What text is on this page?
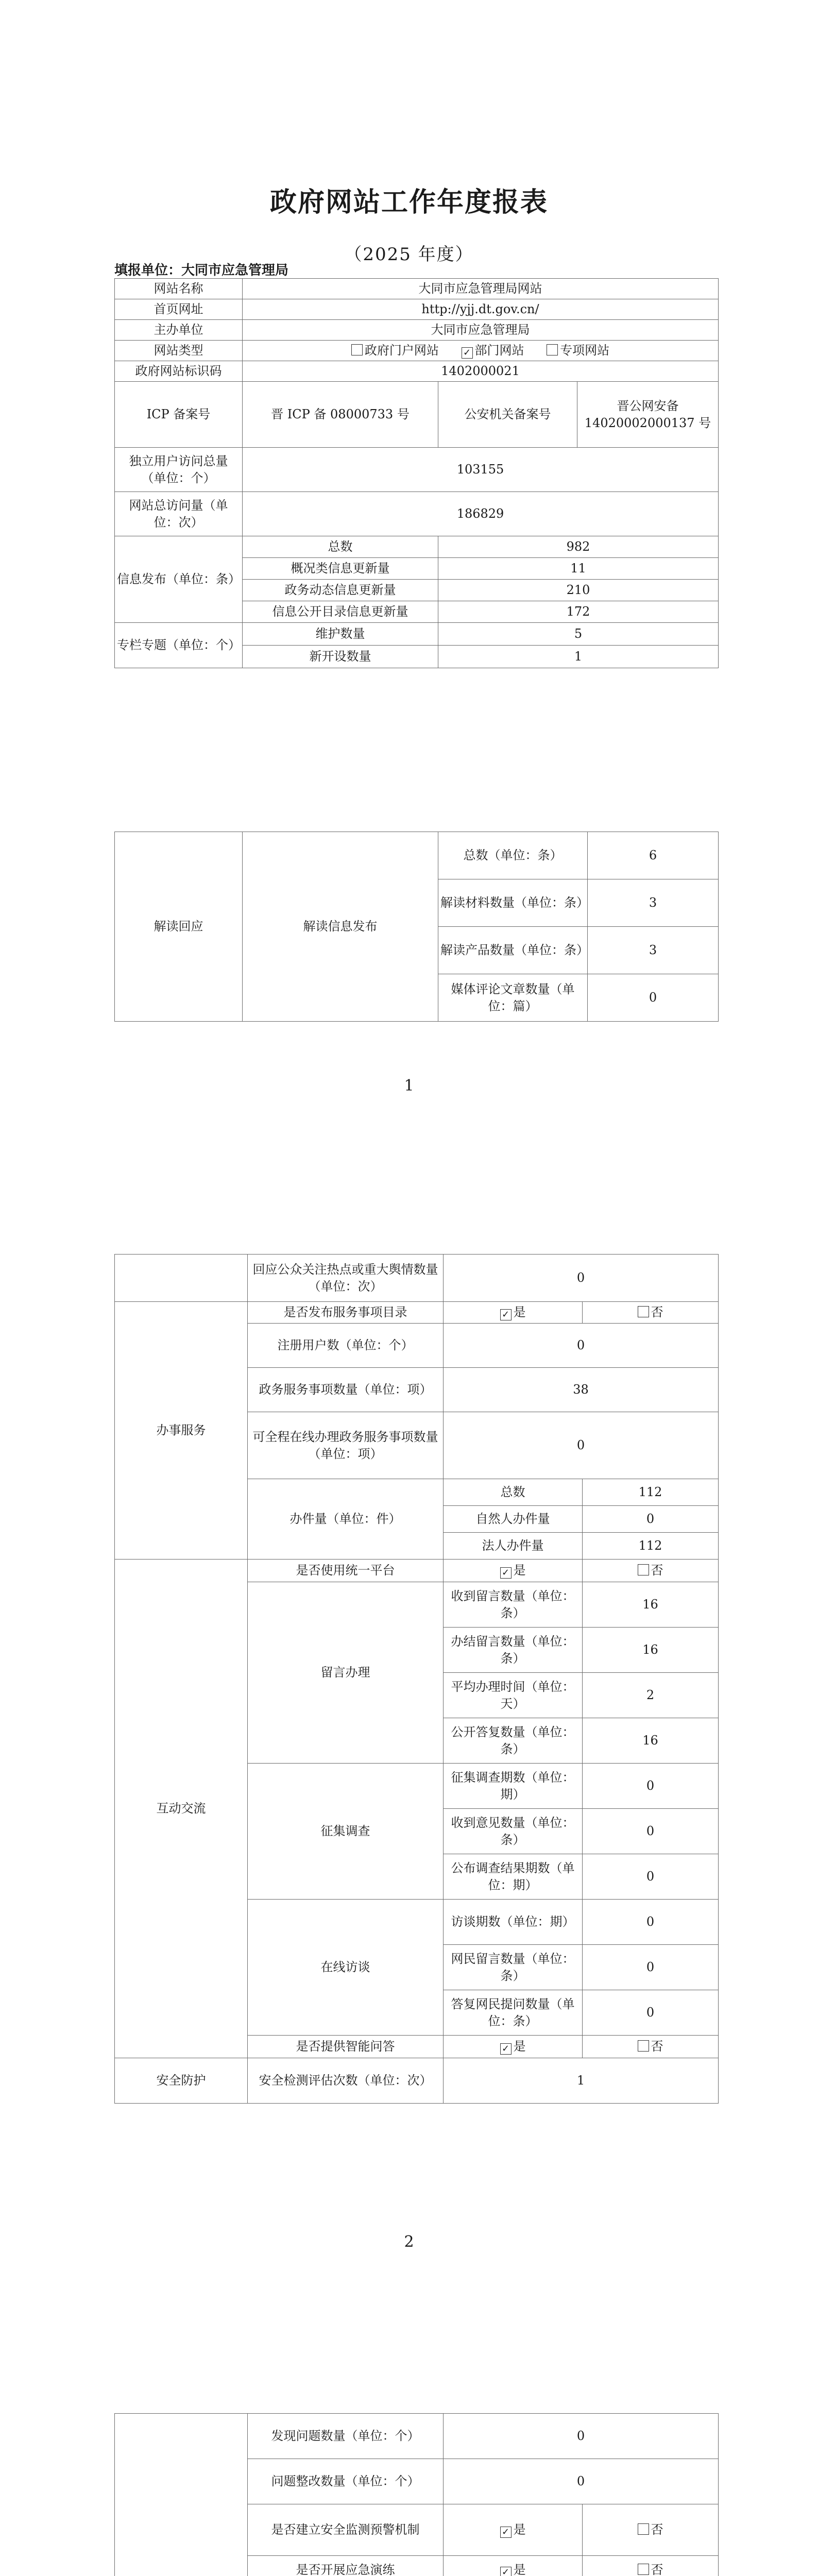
政府网站工作年度报表
（2025 年度）
填报单位：大同市应急管理局
网站名称	大同市应急管理局网站		
首页网址	http://yjj.dt.gov.cn/		
主办单位	大同市应急管理局		
网站类型	政府门户网站 ✓ 部门网站 专项网站		
政府网站标识码	1402000021		
ICP 备案号	晋 ICP 备 08000733 号	公安机关备案号	晋公网安备 14020002000137 号
独立用户访问总量（单位：个）	103155		
网站总访问量（单位：次）	186829		
信息发布（单位：条）	总数	982	
	概况类信息更新量	11	
	政务动态信息更新量	210	
	信息公开目录信息更新量	172	
专栏专题（单位：个）	维护数量	5	
	新开设数量	1	
解读回应	解读信息发布	总数（单位：条）	6
		解读材料数量（单位：条）	3
		解读产品数量（单位：条）	3
		媒体评论文章数量（单位：篇）	0
1
	回应公众关注热点或重大舆情数量（单位：次）	0	
办事服务	是否发布服务事项目录	✓ 是	否
	注册用户数（单位：个）	0	
	政务服务事项数量（单位：项）	38	
	可全程在线办理政务服务事项数量（单位：项）	0	
	办件量（单位：件）	总数	112
		自然人办件量	0
		法人办件量	112

互动交流	是否使用统一平台	✓ 是	否
	留言办理	收到留言数量（单位：条）	16
		办结留言数量（单位：条）	16
		平均办理时间（单位：天）	2
		公开答复数量（单位：条）	16
	征集调查	征集调查期数（单位：期）	0
		收到意见数量（单位：条）	0
		公布调查结果期数（单位：期）	0
	在线访谈	访谈期数（单位：期）	0
		网民留言数量（单位：条）	0
		答复网民提问数量（单位：条）	0
	是否提供智能问答	✓ 是	否
安全防护	安全检测评估次数（单位：次）	1	
2
	发现问题数量（单位：个）	0	
	问题整改数量（单位：个）	0	
	是否建立安全监测预警机制	✓ 是	否
	是否开展应急演练	✓ 是	否
